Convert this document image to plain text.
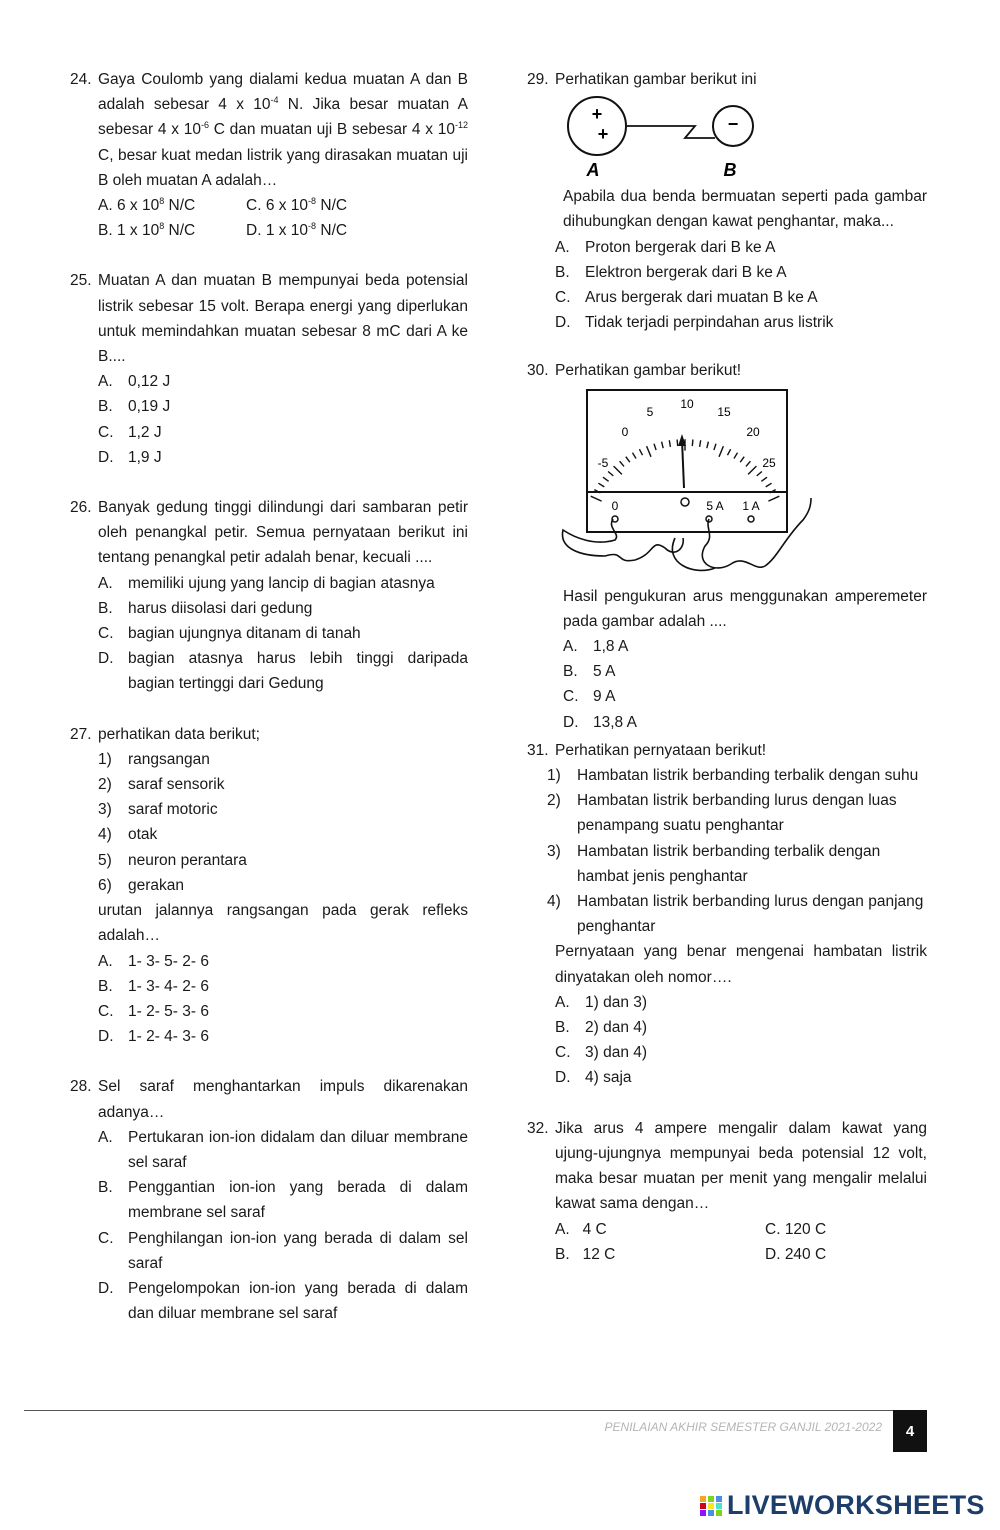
24. Gaya Coulomb yang dialami kedua muatan A dan B adalah sebesar 4 x $10^{-4}$ N. Jika besar muatan A sebesar 4 x $10^{-6}$ C dan muatan uji B sebesar 4 x $10^{-12}$ C, besar kuat medan listrik yang dirasakan muatan uji B oleh muatan A adalah…
A. 6 x $10^8$ N/C	C. 6 x $10^{-8}$ N/C
B. 1 x $10^8$ N/C	D. 1 x $10^{-8}$ N/C
25. Muatan A dan muatan B mempunyai beda potensial listrik sebesar 15 volt. Berapa energi yang diperlukan untuk memindahkan muatan sebesar 8 mC dari A ke B....
A. 0,12 J
B. 0,19 J
C. 1,2 J
D. 1,9 J
26. Banyak gedung tinggi dilindungi dari sambaran petir oleh penangkal petir. Semua pernyataan berikut ini tentang penangkal petir adalah benar, kecuali ....
A. memiliki ujung yang lancip di bagian atasnya
B. harus diisolasi dari gedung
C. bagian ujungnya ditanam di tanah
D. bagian atasnya harus lebih tinggi daripada bagian tertinggi dari Gedung
27. perhatikan data berikut;
1)	rangsangan
2)	saraf sensorik
3)	saraf motoric
4)	otak
5)	neuron perantara
6)	gerakan
urutan jalannya rangsangan pada gerak refleks adalah…
A. 1- 3- 5- 2- 6
B. 1- 3- 4- 2- 6
C. 1- 2- 5- 3- 6
D. 1- 2- 4- 3- 6
28. Sel saraf menghantarkan impuls dikarenakan adanya…
A. Pertukaran ion-ion didalam dan diluar membrane sel saraf
B. Penggantian ion-ion yang berada di dalam membrane sel saraf
C. Penghilangan ion-ion yang berada di dalam sel saraf
D. Pengelompokan ion-ion yang berada di dalam dan diluar membrane sel saraf
29. Perhatikan gambar berikut ini
+
+	−
A	B
Apabila dua benda bermuatan seperti pada gambar dihubungkan dengan kawat penghantar, maka...
A. Proton bergerak dari B ke A
B. Elektron bergerak dari B ke A
C. Arus bergerak dari muatan B ke A
D. Tidak terjadi perpindahan arus listrik
30. Perhatikan gambar berikut!
-5
0
5
10
15
20
25
0	5 A 1 A
Hasil pengukuran arus menggunakan amperemeter pada gambar adalah ....
A. 1,8 A
B. 5 A
C. 9 A
D. 13,8 A
31. Perhatikan pernyataan berikut!
1)	Hambatan listrik berbanding terbalik dengan suhu
2)	Hambatan listrik berbanding lurus dengan luas penampang suatu penghantar
3)	Hambatan listrik berbanding terbalik dengan hambat jenis penghantar
4)	Hambatan listrik berbanding lurus dengan panjang penghantar
Pernyataan yang benar mengenai hambatan listrik dinyatakan oleh nomor….
A. 1) dan 3)
B. 2) dan 4)
C. 3) dan 4)
D. 4) saja
32. Jika arus 4 ampere mengalir dalam kawat yang ujung-ujungnya mempunyai beda potensial 12 volt, maka besar muatan per menit yang mengalir melalui kawat sama dengan…
A. 4 C	C. 120 C
B. 12 C	D. 240 C
PENILAIAN AKHIR SEMESTER GANJIL 2021-2022	4
LIVEWORKSHEETS
